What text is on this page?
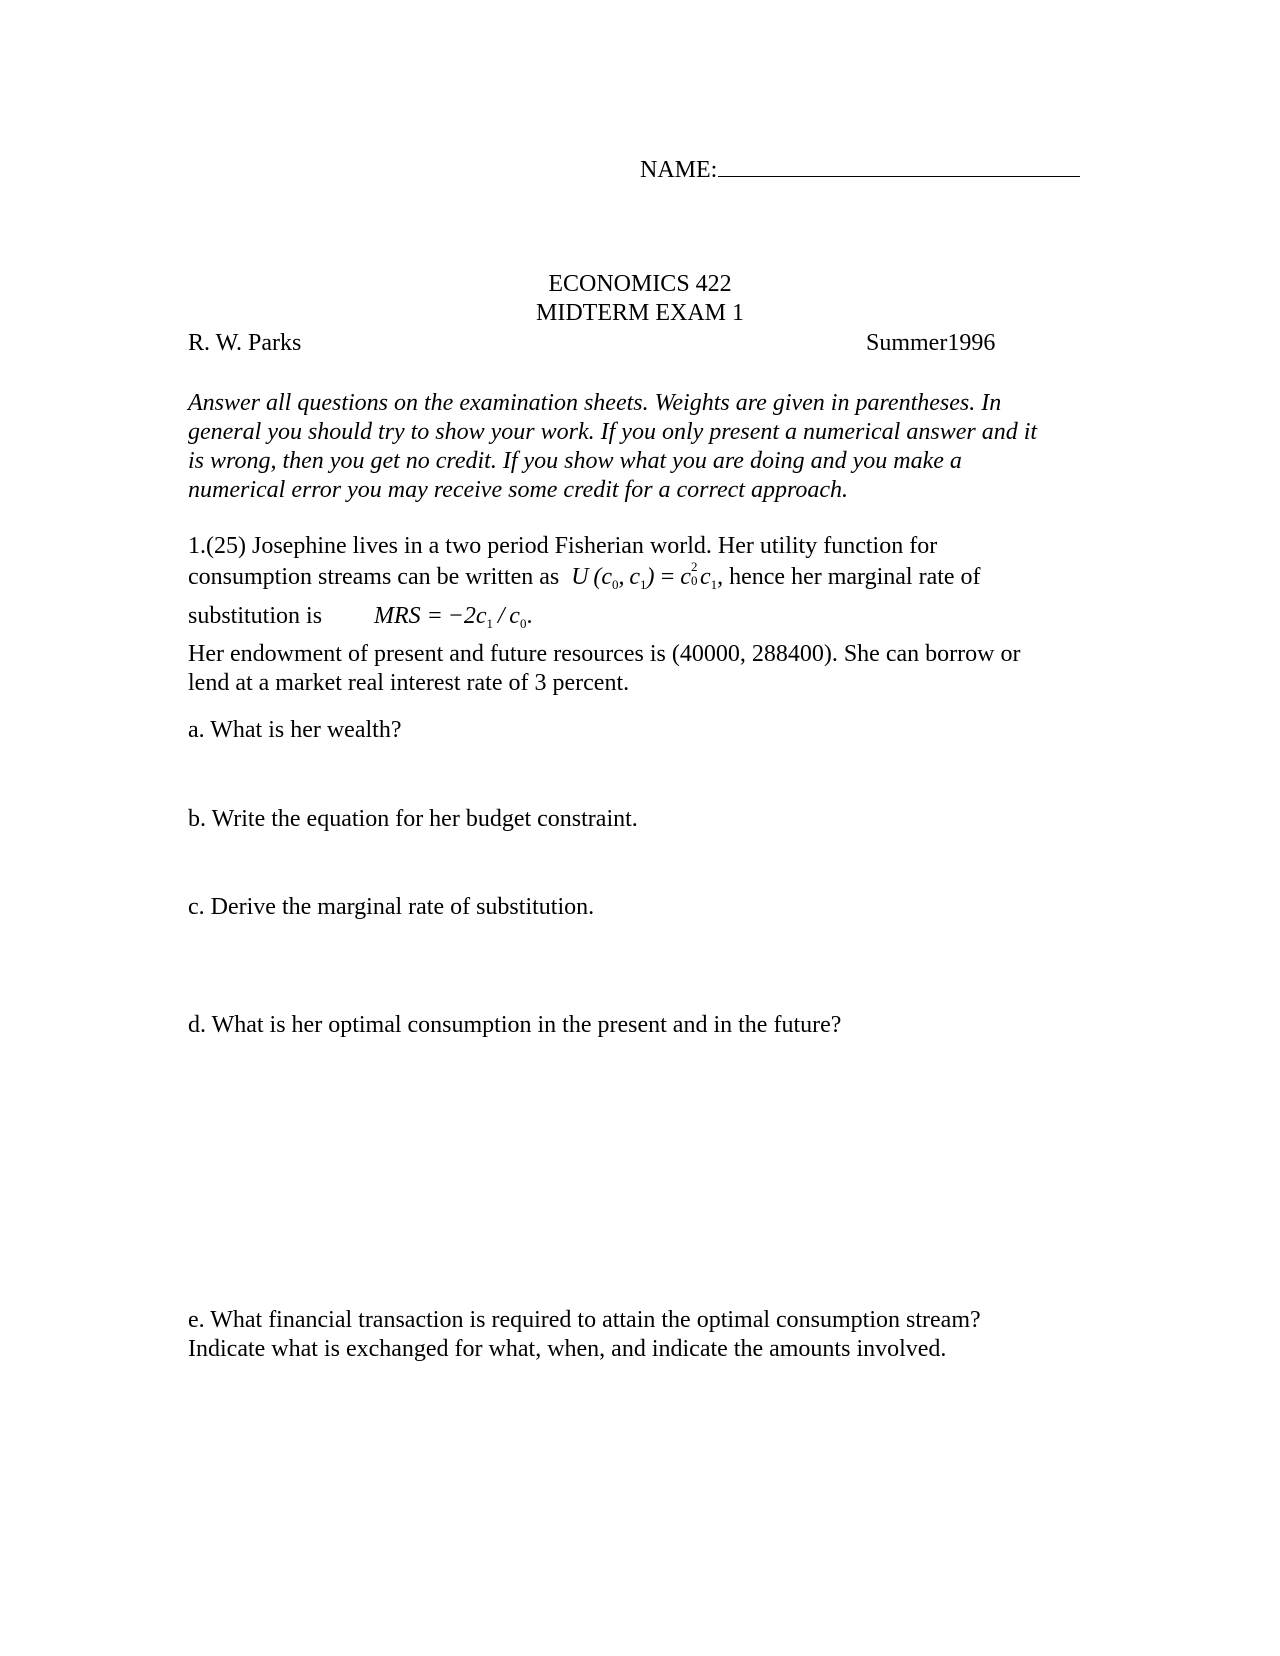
NAME:
ECONOMICS 422
MIDTERM EXAM 1
R. W. Parks	Summer1996
Answer all questions on the examination sheets. Weights are given in parentheses. In
general you should try to show your work. If you only present a numerical answer and it
is wrong, then you get no credit. If you show what you are doing and you make a
numerical error you may receive some credit for a correct approach.
1.(25) Josephine lives in a two period Fisherian world. Her utility function for
consumption streams can be written as U ($c_0$, $c_1) = c$ 2
0 $c_1$, hence her marginal rate of
substitution is MRS = $-2c_1 / c_0$.
Her endowment of present and future resources is (40000, 288400). She can borrow or
lend at a market real interest rate of 3 percent.
a. What is her wealth?
b. Write the equation for her budget constraint.
c. Derive the marginal rate of substitution.
d. What is her optimal consumption in the present and in the future?
e. What financial transaction is required to attain the optimal consumption stream?
Indicate what is exchanged for what, when, and indicate the amounts involved.
